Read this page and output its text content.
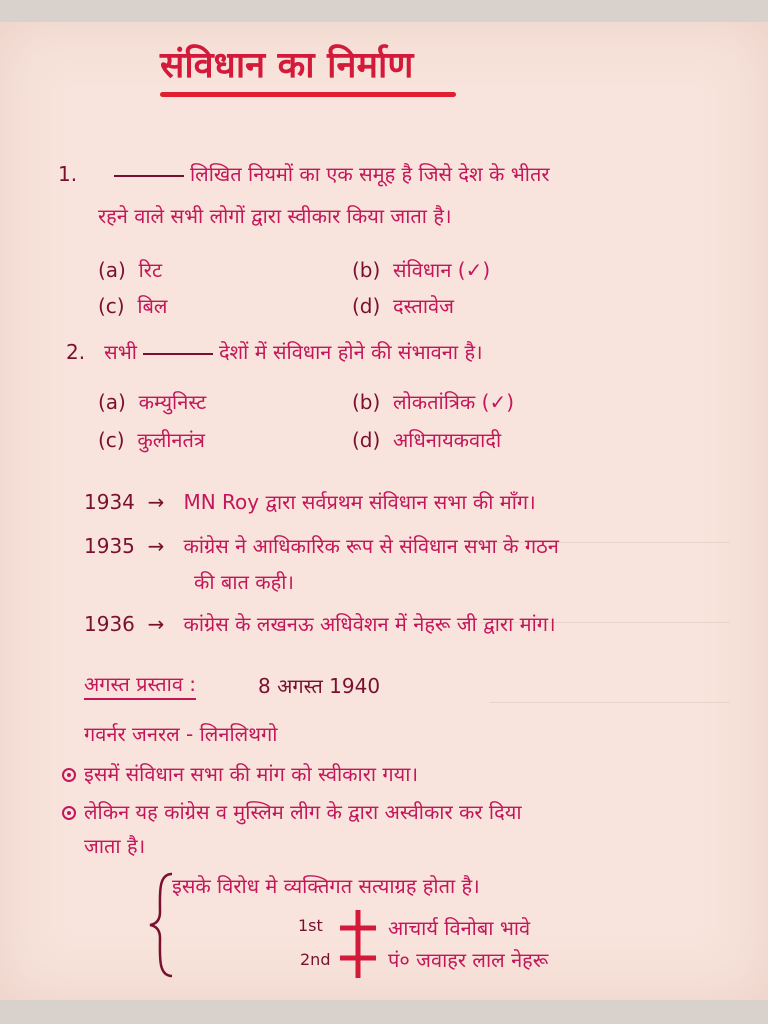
संविधान का निर्माण
1.	लिखित नियमों का एक समूह है जिसे देश के भीतर
रहने वाले सभी लोगों द्वारा स्वीकार किया जाता है।
(a) रिट	(b) संविधान (✓)
(c) बिल	(d) दस्तावेज
2. सभी	देशों में संविधान होने की संभावना है।
(a) कम्युनिस्ट	(b) लोकतांत्रिक (✓)
(c) कुलीनतंत्र	(d) अधिनायकवादी
1934 → MN Roy द्वारा सर्वप्रथम संविधान सभा की माँग।
1935 → कांग्रेस ने आधिकारिक रूप से संविधान सभा के गठन
की बात कही।
1936 → कांग्रेस के लखनऊ अधिवेशन में नेहरू जी द्वारा मांग।
अगस्त प्रस्ताव :	8 अगस्त 1940
गवर्नर जनरल - लिनलिथगो
इसमें संविधान सभा की मांग को स्वीकारा गया।
लेकिन यह कांग्रेस व मुस्लिम लीग के द्वारा अस्वीकार कर दिया
जाता है।
इसके विरोध मे व्यक्तिगत सत्याग्रह होता है।
1st	आचार्य विनोबा भावे
2nd	पं० जवाहर लाल नेहरू
